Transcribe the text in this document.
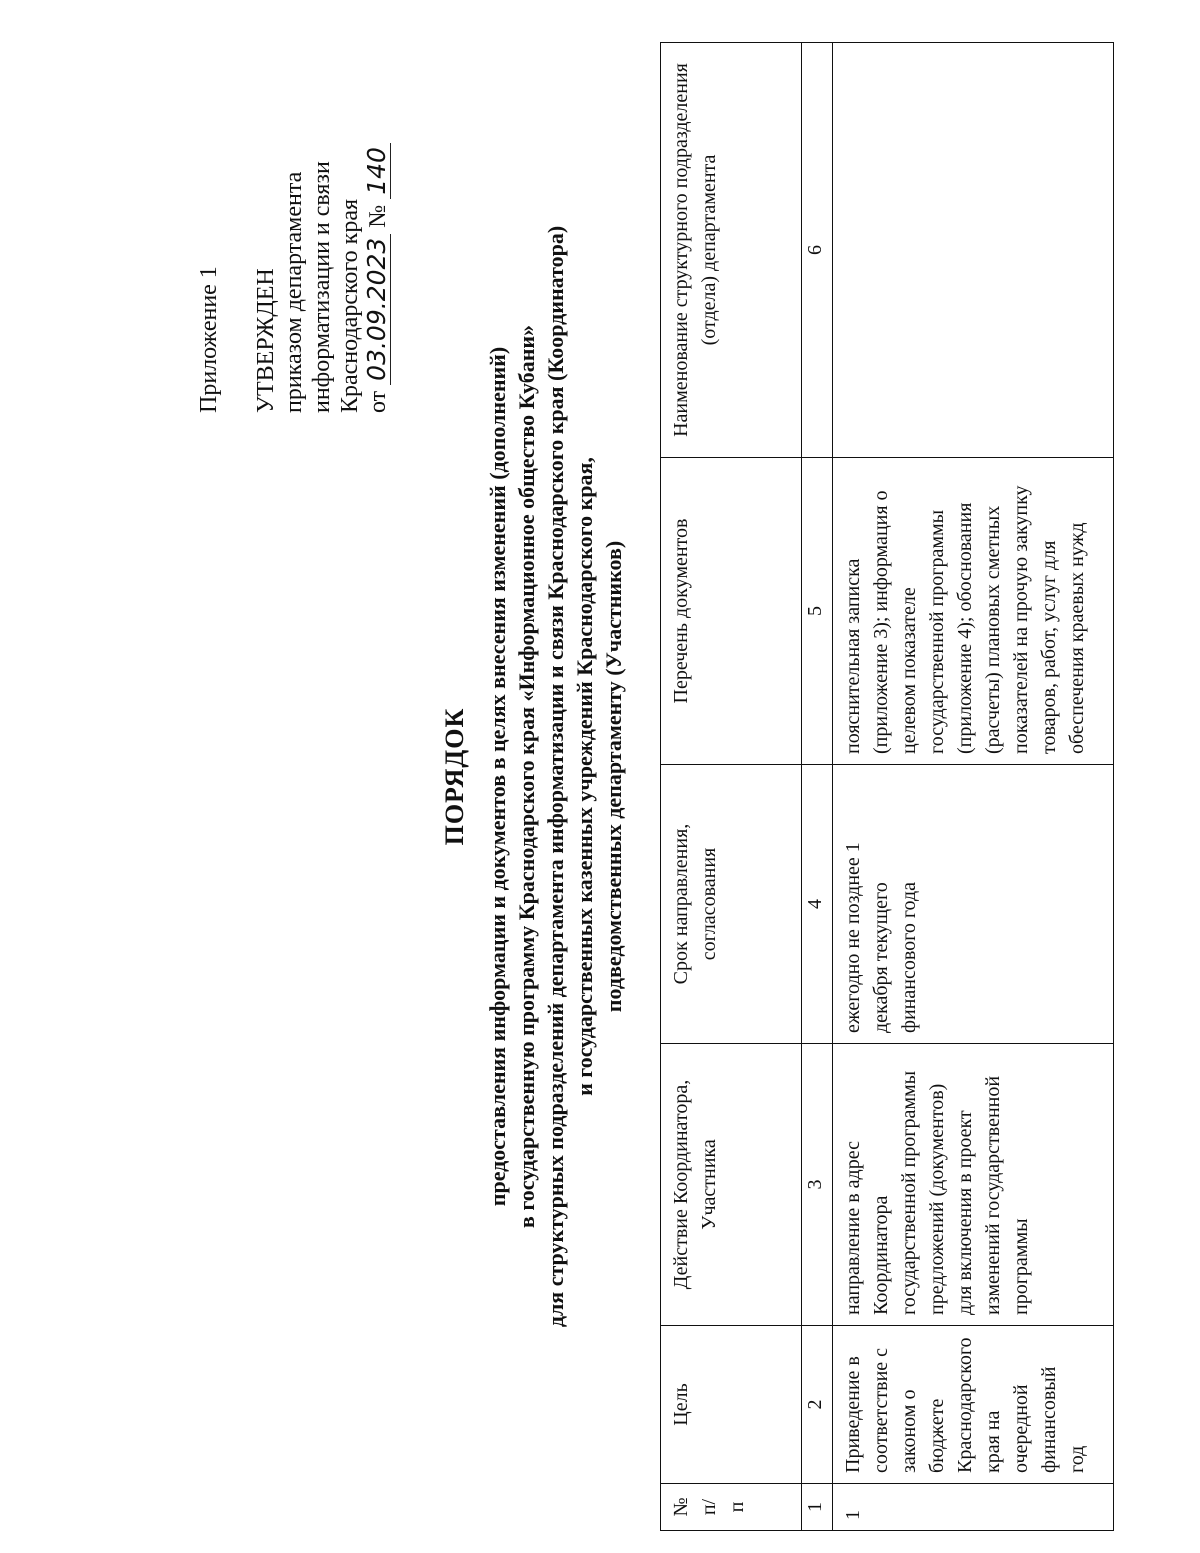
Приложение 1 УТВЕРЖДЕН приказом департамента информатизации и связи Краснодарского края от 03.09.2023 № 140
ПОРЯДОК предоставления информации и документов в целях внесения изменений (дополнений) в государственную программу Краснодарского края «Информационное общество Кубани» для структурных подразделений департамента информатизации и связи Краснодарского края (Координатора) и государственных казенных учреждений Краснодарского края, подведомственных департаменту (Участников)
№ п/п	Цель	Действие Координатора, Участника	Срок направления, согласования	Перечень документов	Наименование структурного подразделения (отдела) департамента
1	2	3	4	5	6
1	Приведение в соответствие с законом о бюджете Краснодарского края на очередной финансовый год	направление в адрес Координатора государственной программы предложений (документов) для включения в проект изменений государственной программы	ежегодно не позднее 1 декабря текущего финансового года	пояснительная записка (приложение 3); информация о целевом показателе государственной программы (приложение 4); обоснования (расчеты) плановых сметных показателей на прочую закупку товаров, работ, услуг для обеспечения краевых нужд	
